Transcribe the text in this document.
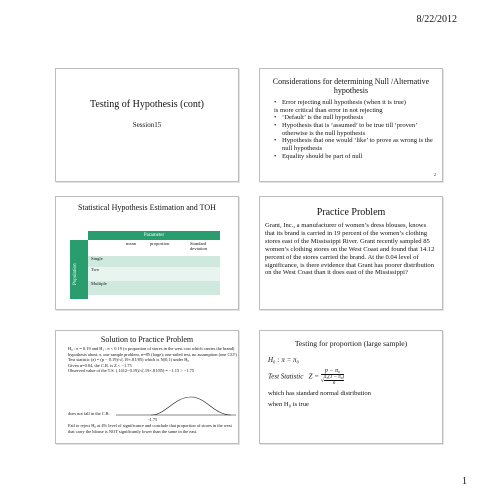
8/22/2012
Testing of Hypothesis (cont)
Session15
Considerations for determining Null /Alternative hypothesis
• Error rejecting null hypothesis (when it is true)
is more critical than error in not rejecting
• ‘Default’ is the null hypothesis
• Hypothesis that is ‘assumed’ to be true till ‘proven’ otherwise is the null hypothesis
• Hypothesis that one would ‘like’ to prove as wrong is the null hypothesis
• Equality should be part of null
2
Statistical Hypothesis Estimation and TOH
Parameter
Population
mean	proportion	Standard deviation
Single
Two
Multiple
Practice Problem
Grant, Inc., a manufacturer of women’s dress blouses, knows that its brand is carried in 19 percent of the women’s clothing stores east of the Mississippi River. Grant recently sampled 85 women’s clothing stores on the West Coast and found that 14.12 percent of the stores carried the brand. At the 0.04 level of significance, is there evidence that Grant has poorer distribution on the West Coast than it does east of the Mississippi?
Solution to Practice Problem

H₀ : π = 0.19 and H₁ : π < 0.19 (π proportion of stores in the west cost which carries the brand)

hypothesis about π, one sample problem, n=85 (large); one-tailed test, no assumption (one CLT)

Test statistic (z) = (p − 0.19)/√(.19×.81/85) which is N(0,1) under H₀

Given α=0.04, the C.R. is Z < −1.75

Observed value of the T.S. (.1412−0.19)/√(.19×.81/85) = −1.15 > −1.75

does not fall in the C.R.
-1.75
Fail to reject H₀ at 4% level of significance and conclude that proportion of stores in the west that carry the blouse is NOT significantly lower than the same in the east.
Testing for proportion (large sample)
H₀ : π = π₀
Test Statistic $Z = \frac{\text{p − π₀}}{√ \frac{\text{π₀(1 − π₀)}}{n}}$
which has standard normal distribution
when H₀ is true
1
